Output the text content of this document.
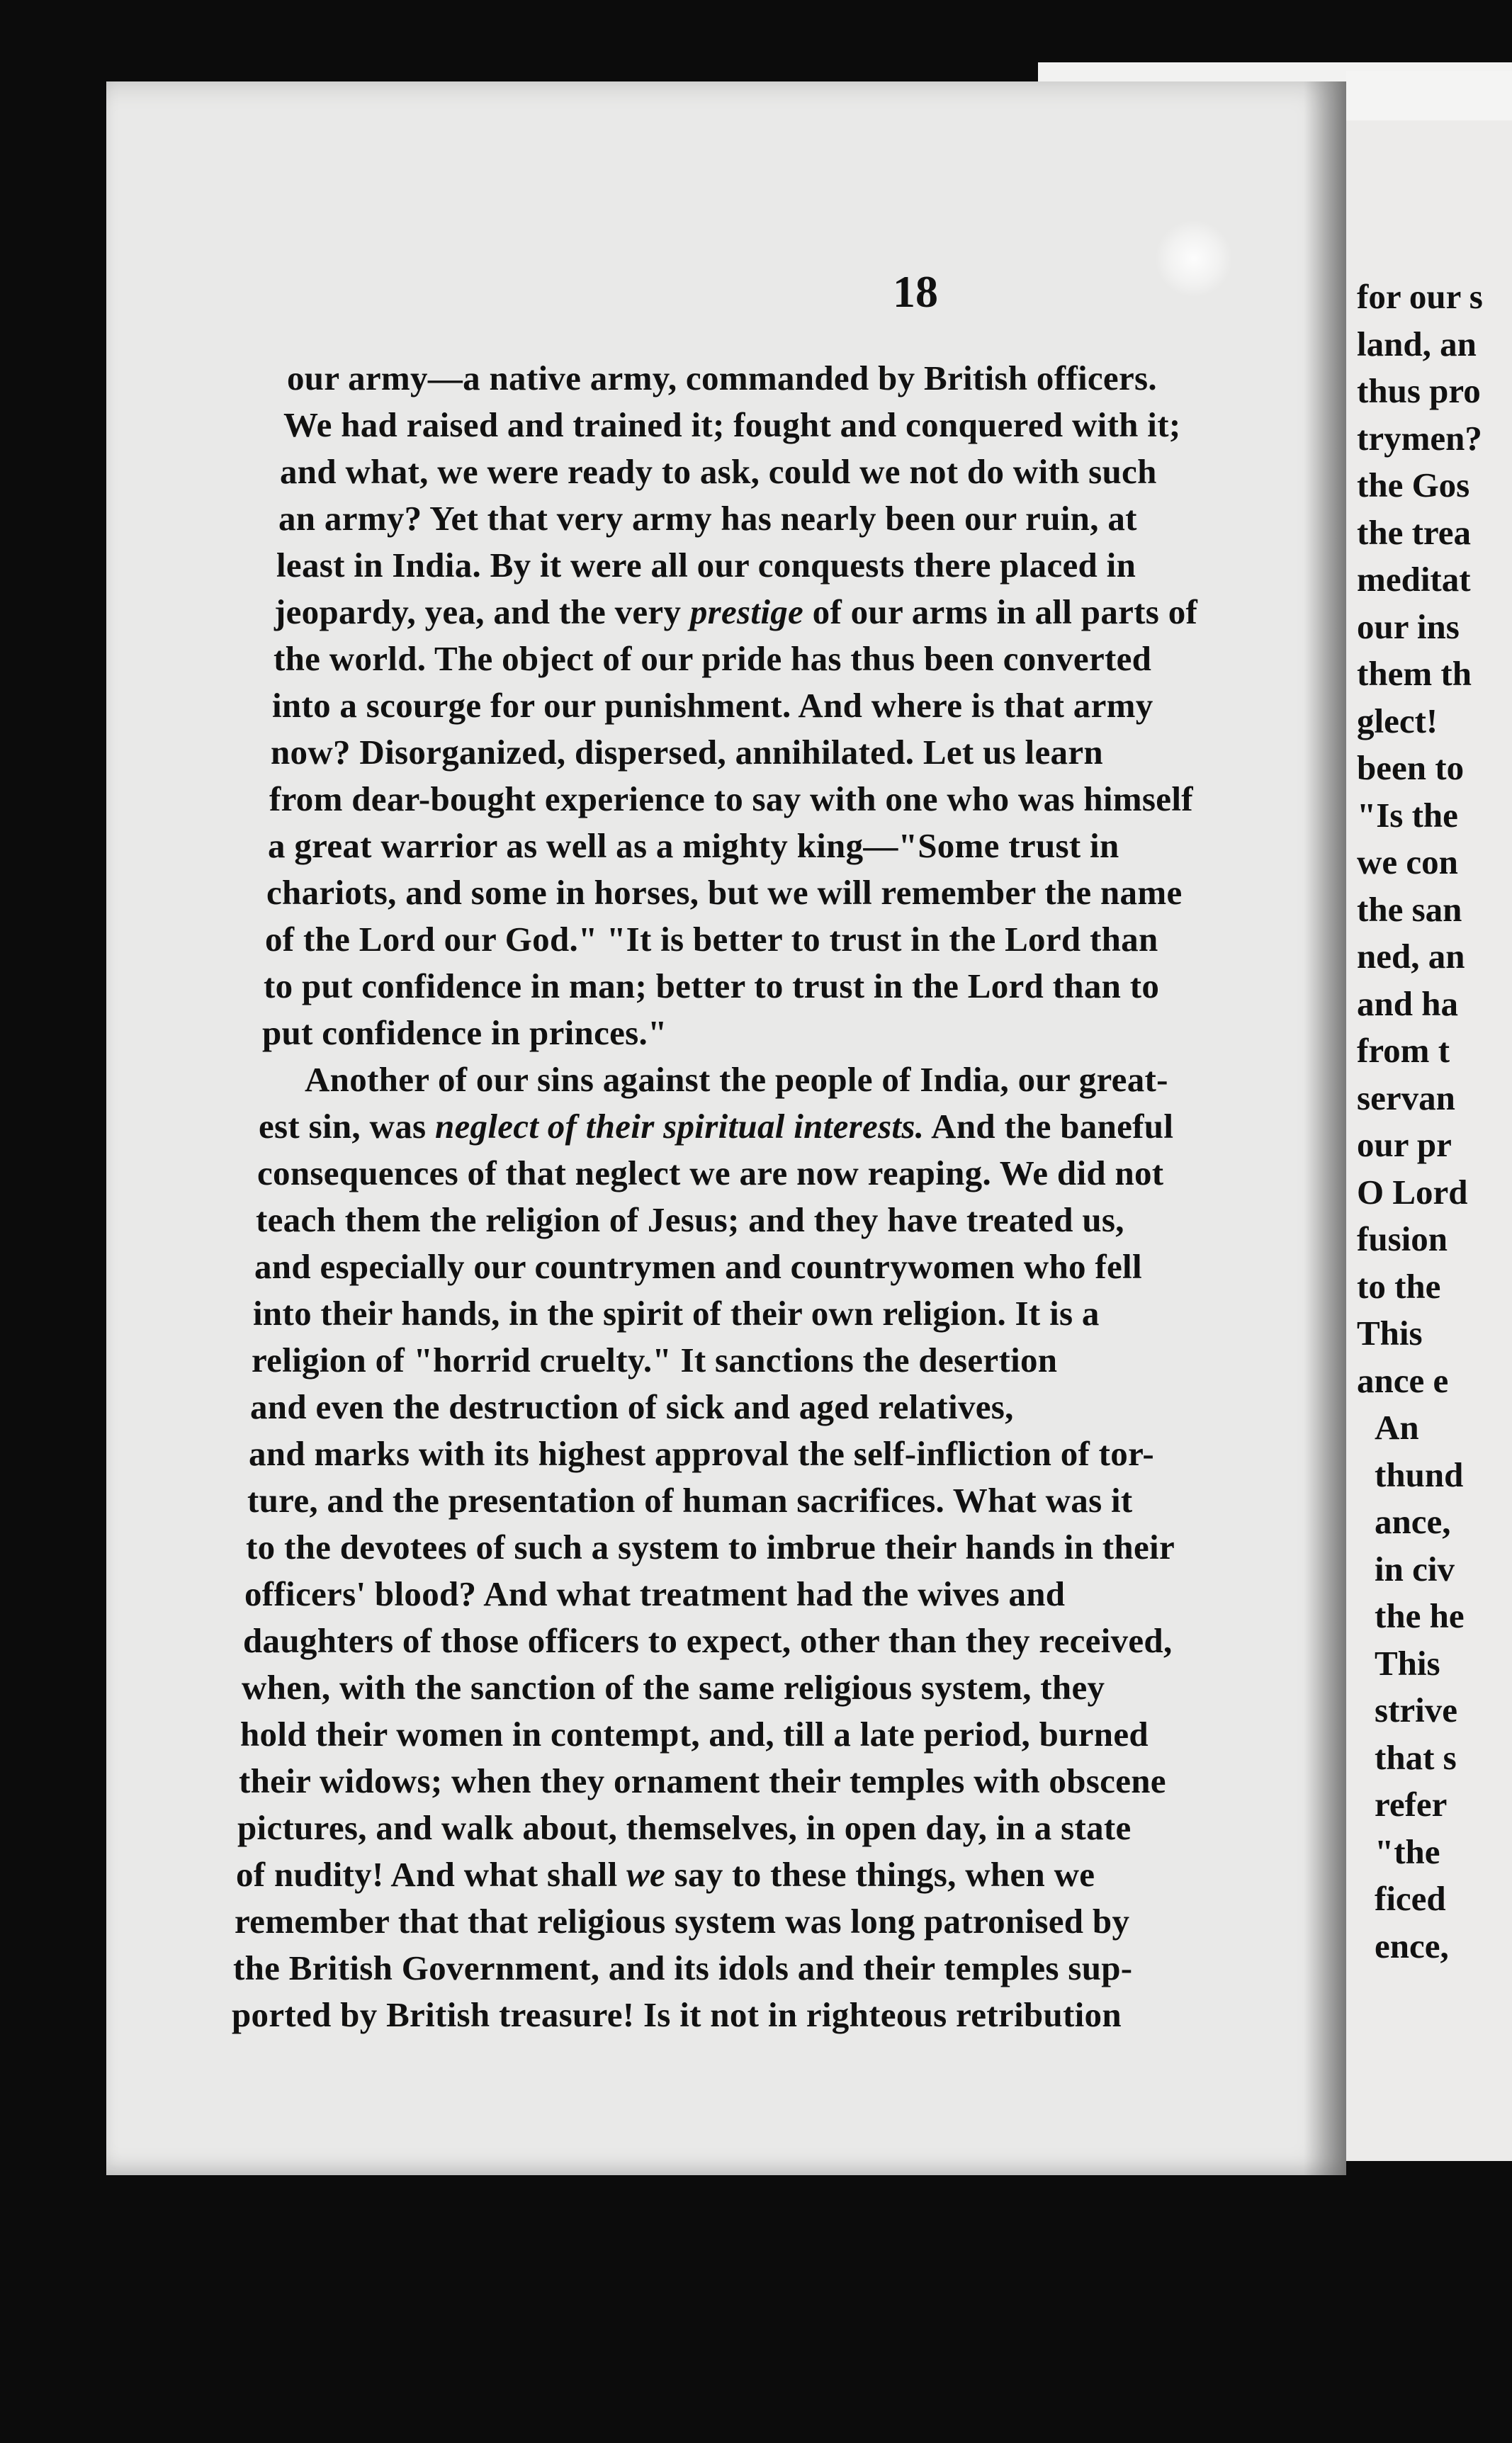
for our s
land, an
thus pro
trymen?
the Gos
the trea
meditat
our ins
them th
glect!
been to
"Is the
we con
the san
ned, an
and ha
from t
servan
our pr
O Lord
fusion
to the
This
ance e
An
thund
ance,
in civ
the he
This
strive
that s
refer
"the
ficed
ence,
18
our army—a native army, commanded by British officers.
We had raised and trained it; fought and conquered with it;
and what, we were ready to ask, could we not do with such
an army? Yet that very army has nearly been our ruin, at
least in India. By it were all our conquests there placed in
jeopardy, yea, and the very prestige of our arms in all parts of
the world. The object of our pride has thus been converted
into a scourge for our punishment. And where is that army
now? Disorganized, dispersed, annihilated. Let us learn
from dear-bought experience to say with one who was himself
a great warrior as well as a mighty king—"Some trust in
chariots, and some in horses, but we will remember the name
of the Lord our God." "It is better to trust in the Lord than
to put confidence in man; better to trust in the Lord than to
put confidence in princes."
Another of our sins against the people of India, our great-
est sin, was neglect of their spiritual interests. And the baneful
consequences of that neglect we are now reaping. We did not
teach them the religion of Jesus; and they have treated us,
and especially our countrymen and countrywomen who fell
into their hands, in the spirit of their own religion. It is a
religion of "horrid cruelty." It sanctions the desertion
and even the destruction of sick and aged relatives,
and marks with its highest approval the self-infliction of tor-
ture, and the presentation of human sacrifices. What was it
to the devotees of such a system to imbrue their hands in their
officers' blood? And what treatment had the wives and
daughters of those officers to expect, other than they received,
when, with the sanction of the same religious system, they
hold their women in contempt, and, till a late period, burned
their widows; when they ornament their temples with obscene
pictures, and walk about, themselves, in open day, in a state
of nudity! And what shall we say to these things, when we
remember that that religious system was long patronised by
the British Government, and its idols and their temples sup-
ported by British treasure! Is it not in righteous retribution
